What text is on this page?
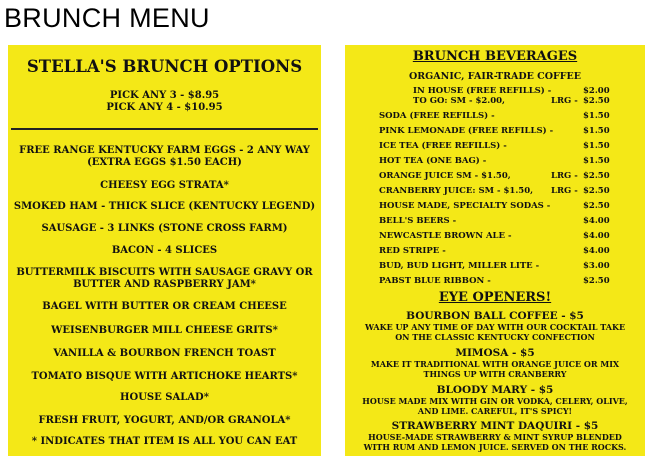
BRUNCH MENU
STELLA'S BRUNCH OPTIONS
PICK ANY 3 - $8.95
PICK ANY 4 - $10.95
FREE RANGE KENTUCKY FARM EGGS - 2 ANY WAY
(EXTRA EGGS $1.50 EACH)
CHEESY EGG STRATA*
SMOKED HAM - THICK SLICE (KENTUCKY LEGEND)
SAUSAGE - 3 LINKS (STONE CROSS FARM)
BACON - 4 SLICES
BUTTERMILK BISCUITS WITH SAUSAGE GRAVY OR
BUTTER AND RASPBERRY JAM*
BAGEL WITH BUTTER OR CREAM CHEESE
WEISENBURGER MILL CHEESE GRITS*
VANILLA & BOURBON FRENCH TOAST
TOMATO BISQUE WITH ARTICHOKE HEARTS*
HOUSE SALAD*
FRESH FRUIT, YOGURT, AND/OR GRANOLA*
* INDICATES THAT ITEM IS ALL YOU CAN EAT
BRUNCH BEVERAGES
ORGANIC, FAIR-TRADE COFFEE
IN HOUSE (FREE REFILLS) -	$2.00
TO GO: SM - $2.00,	LRG - $2.50
SODA (FREE REFILLS) -	$1.50
PINK LEMONADE (FREE REFILLS) -	$1.50
ICE TEA (FREE REFILLS) -	$1.50
HOT TEA (ONE BAG) -	$1.50
ORANGE JUICE SM - $1.50,	LRG - $2.50
CRANBERRY JUICE: SM - $1.50, LRG - $2.50
HOUSE MADE, SPECIALTY SODAS -	$2.50
BELL'S BEERS -	$4.00
NEWCASTLE BROWN ALE -	$4.00
RED STRIPE -	$4.00
BUD, BUD LIGHT, MILLER LITE -	$3.00
PABST BLUE RIBBON -	$2.50
EYE OPENERS!
BOURBON BALL COFFEE - $5
WAKE UP ANY TIME OF DAY WITH OUR COCKTAIL TAKE
ON THE CLASSIC KENTUCKY CONFECTION
MIMOSA - $5
MAKE IT TRADITIONAL WITH ORANGE JUICE OR MIX
THINGS UP WITH CRANBERRY
BLOODY MARY - $5
HOUSE MADE MIX WITH GIN OR VODKA, CELERY, OLIVE,
AND LIME. CAREFUL, IT'S SPICY!
STRAWBERRY MINT DAQUIRI - $5
HOUSE-MADE STRAWBERRY & MINT SYRUP BLENDED
WITH RUM AND LEMON JUICE. SERVED ON THE ROCKS.
